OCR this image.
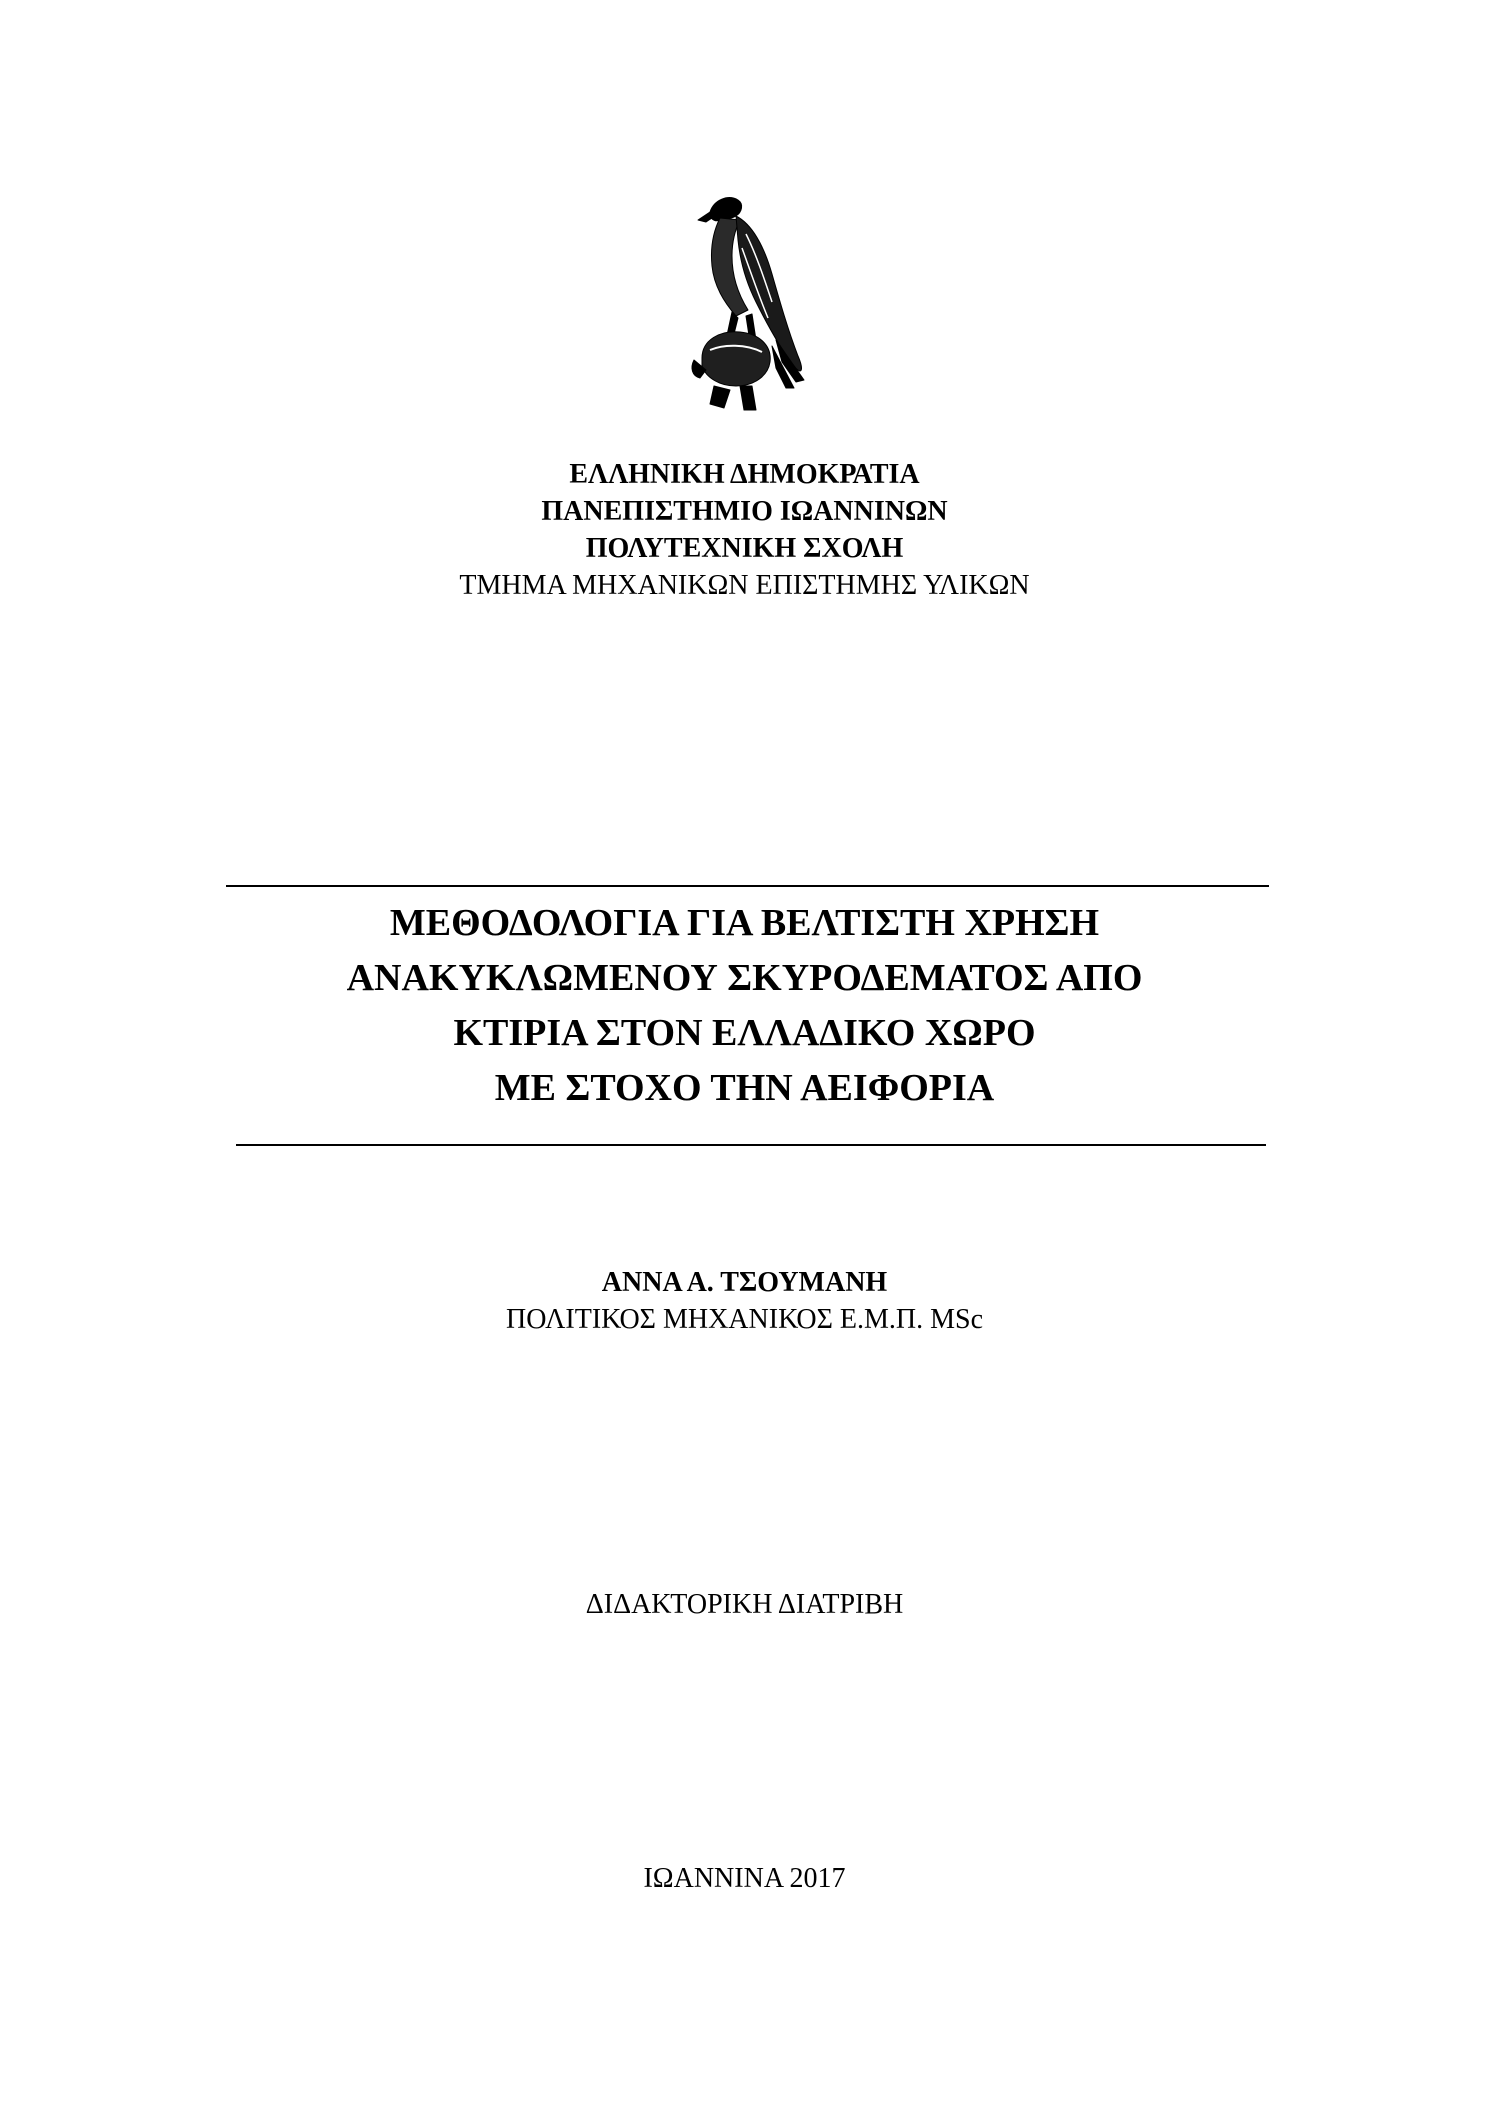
ΕΛΛΗΝΙΚΗ ΔΗΜΟΚΡΑΤΙΑ
ΠΑΝΕΠΙΣΤΗΜΙΟ ΙΩΑΝΝΙΝΩΝ
ΠΟΛΥΤΕΧΝΙΚΗ ΣΧΟΛΗ
ΤΜΗΜΑ ΜΗΧΑΝΙΚΩΝ ΕΠΙΣΤΗΜΗΣ ΥΛΙΚΩΝ
ΜΕΘΟΔΟΛΟΓΙΑ ΓΙΑ ΒΕΛΤΙΣΤΗ ΧΡΗΣΗ
ΑΝΑΚΥΚΛΩΜΕΝΟΥ ΣΚΥΡΟΔΕΜΑΤΟΣ ΑΠΟ
ΚΤΙΡΙΑ ΣΤΟΝ ΕΛΛΑΔΙΚΟ ΧΩΡΟ
ΜΕ ΣΤΟΧΟ ΤΗΝ ΑΕΙΦΟΡΙΑ
ΑΝΝΑ Α. ΤΣΟΥΜΑΝΗ
ΠΟΛΙΤΙΚΟΣ ΜΗΧΑΝΙΚΟΣ Ε.Μ.Π. MSc
ΔΙΔΑΚΤΟΡΙΚΗ ΔΙΑΤΡΙΒΗ
ΙΩΑΝΝΙΝΑ 2017
